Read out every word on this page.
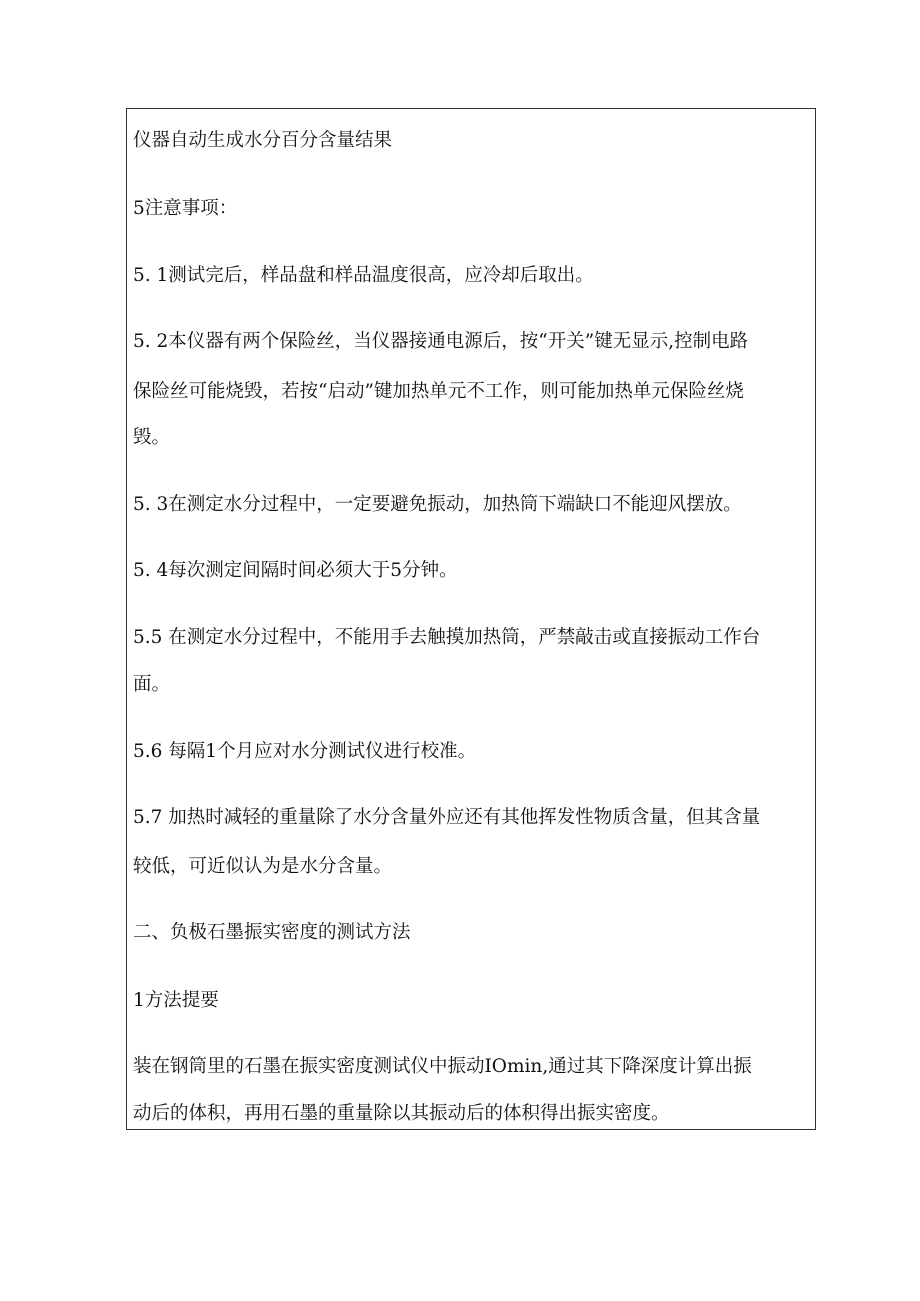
仪器自动生成水分百分含量结果
5注意事项：
5. 1测试完后，样品盘和样品温度很高，应冷却后取出。
5. 2本仪器有两个保险丝，当仪器接通电源后，按“开关”键无显示,控制电路
保险丝可能烧毁，若按“启动”键加热单元不工作，则可能加热单元保险丝烧
毁。
5. 3在测定水分过程中，一定要避免振动，加热筒下端缺口不能迎风摆放。
5. 4每次测定间隔时间必须大于5分钟。
5.5 在测定水分过程中，不能用手去触摸加热筒，严禁敲击或直接振动工作台
面。
5.6 每隔1个月应对水分测试仪进行校准。
5.7 加热时减轻的重量除了水分含量外应还有其他挥发性物质含量，但其含量
较低，可近似认为是水分含量。
二、负极石墨振实密度的测试方法
1方法提要
装在钢筒里的石墨在振实密度测试仪中振动IOmin,通过其下降深度计算出振
动后的体积，再用石墨的重量除以其振动后的体积得出振实密度。
